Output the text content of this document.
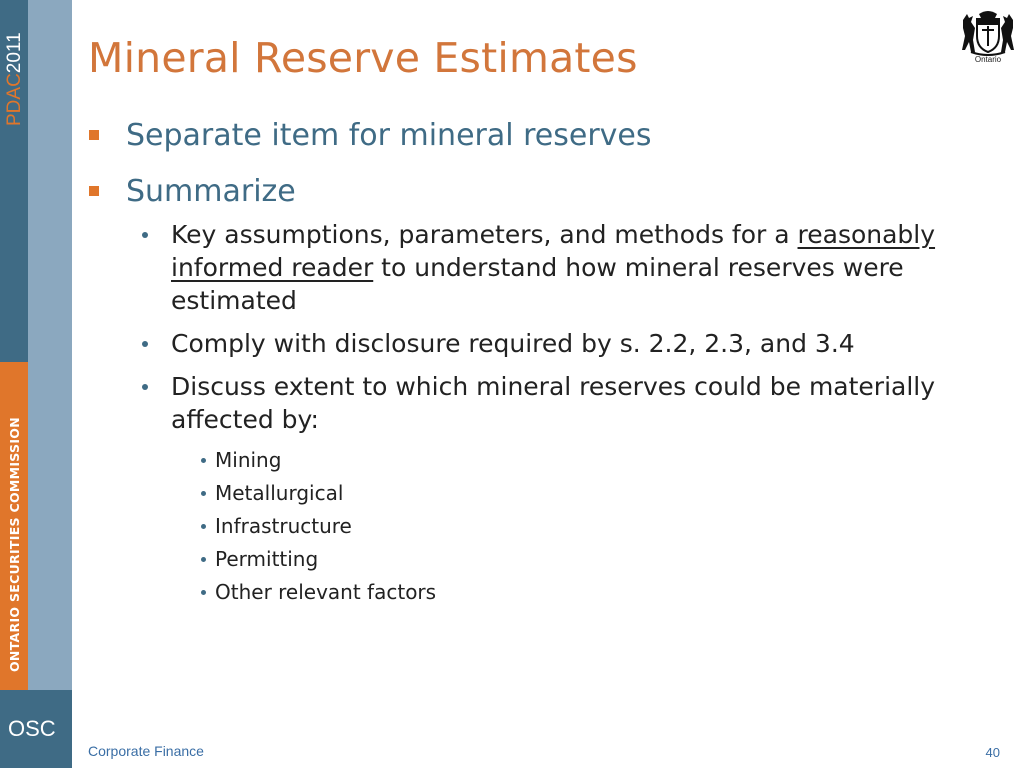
PDAC2011
ONTARIO SECURITIES COMMISSION
OSC
Mineral Reserve Estimates	Ontario
Separate item for mineral reserves
Summarize
Key assumptions, parameters, and methods for a reasonably informed reader to understand how mineral reserves were estimated
Comply with disclosure required by s. 2.2, 2.3, and 3.4
Discuss extent to which mineral reserves could be materially affected by:
Mining
Metallurgical
Infrastructure
Permitting
Other relevant factors
Corporate Finance	40
